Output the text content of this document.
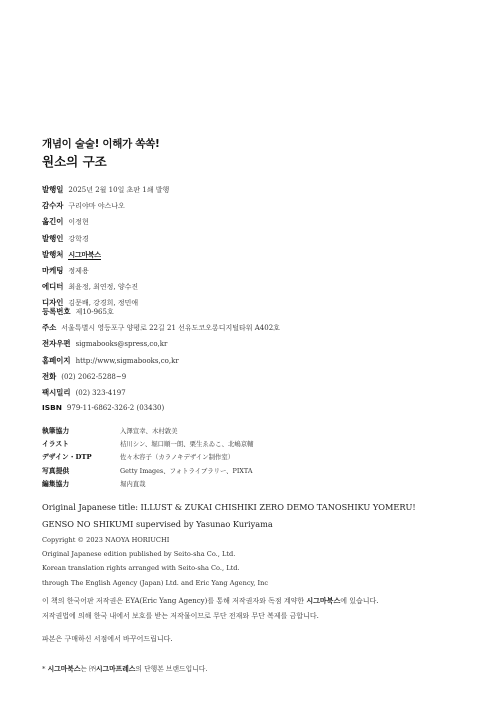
개념이 술술! 이해가 쏙쏙!
원소의 구조
발행일 2025년 2월 10일 초판 1쇄 발행
감수자 구리야마 야스나오
옮긴이 이정현
발행인 강학경
발행처 시그마북스
마케팅 정제용
에디터 최윤정, 최연정, 양수진
디자인 김문배, 강경희, 정민애
등록번호 제10-965호
주소 서울특별시 영등포구 양평로 22길 21 선유도코오롱디지털타워 A402호
전자우편 sigmabooks@spress,co,kr
홈페이지 http://www,sigmabooks,co,kr
전화 (02) 2062-5288~9
팩시밀리 (02) 323-4197
ISBN 979-11-6862-326-2 (03430)
執筆協力	入澤宣幸、木村敦美
イラスト	桔川シン、堀口順一朗、栗生ゑゐこ、北嶋京輔
デザイン・DTP	佐々木容子（カラノキデザイン制作室）
写真提供	Getty Images、フォトライブラリー、PIXTA
編集協力	堀内直哉
Original Japanese title: ILLUST & ZUKAI CHISHIKI ZERO DEMO TANOSHIKU YOMERU!
GENSO NO SHIKUMI supervised by Yasunao Kuriyama
Copyright © 2023 NAOYA HORIUCHI
Original Japanese edition published by Seito-sha Co., Ltd.
Korean translation rights arranged with Seito-sha Co., Ltd.
through The English Agency (Japan) Ltd. and Eric Yang Agency, Inc
이 책의 한국어판 저작권은 EYA(Eric Yang Agency)를 통해 저작권자와 독점 계약한 시그마북스에 있습니다.
저작권법에 의해 한국 내에서 보호를 받는 저작물이므로 무단 전재와 무단 복제를 금합니다.
파본은 구매하신 서점에서 바꾸어드립니다.
* 시그마북스는 ㈜시그마프레스의 단행본 브랜드입니다.
